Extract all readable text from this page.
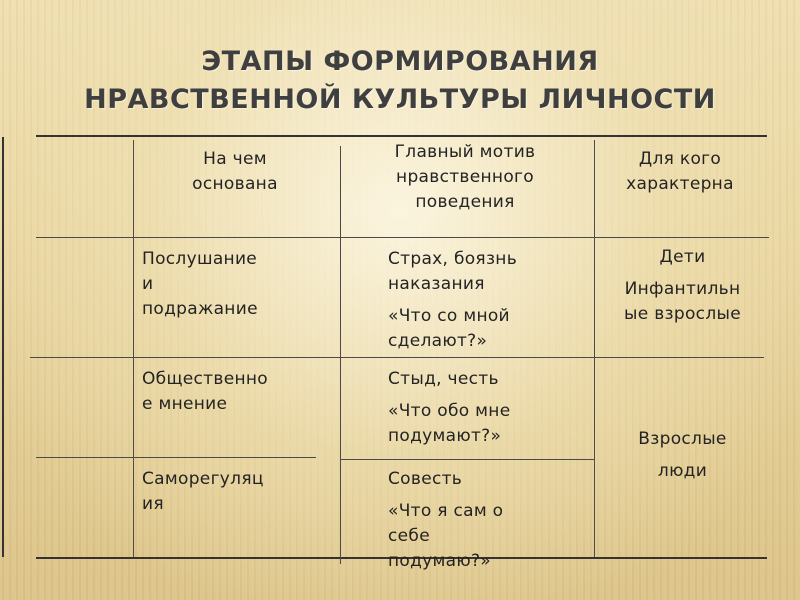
ЭТАПЫ ФОРМИРОВАНИЯ
НРАВСТВЕННОЙ КУЛЬТУРЫ ЛИЧНОСТИ

На чем

основана

Главный мотив

нравственного

поведения

Для кого

характерна

Послушание

и

подражание

Страх, боязнь

наказания

«Что со мной

сделают?»

Дети

Инфантильн

ые взрослые

Общественно

е мнение

Стыд, честь

«Что обо мне

подумают?»	Взрослые

люди

Саморегуляц

ия

Совесть

«Что я сам о

себе

подумаю?»
